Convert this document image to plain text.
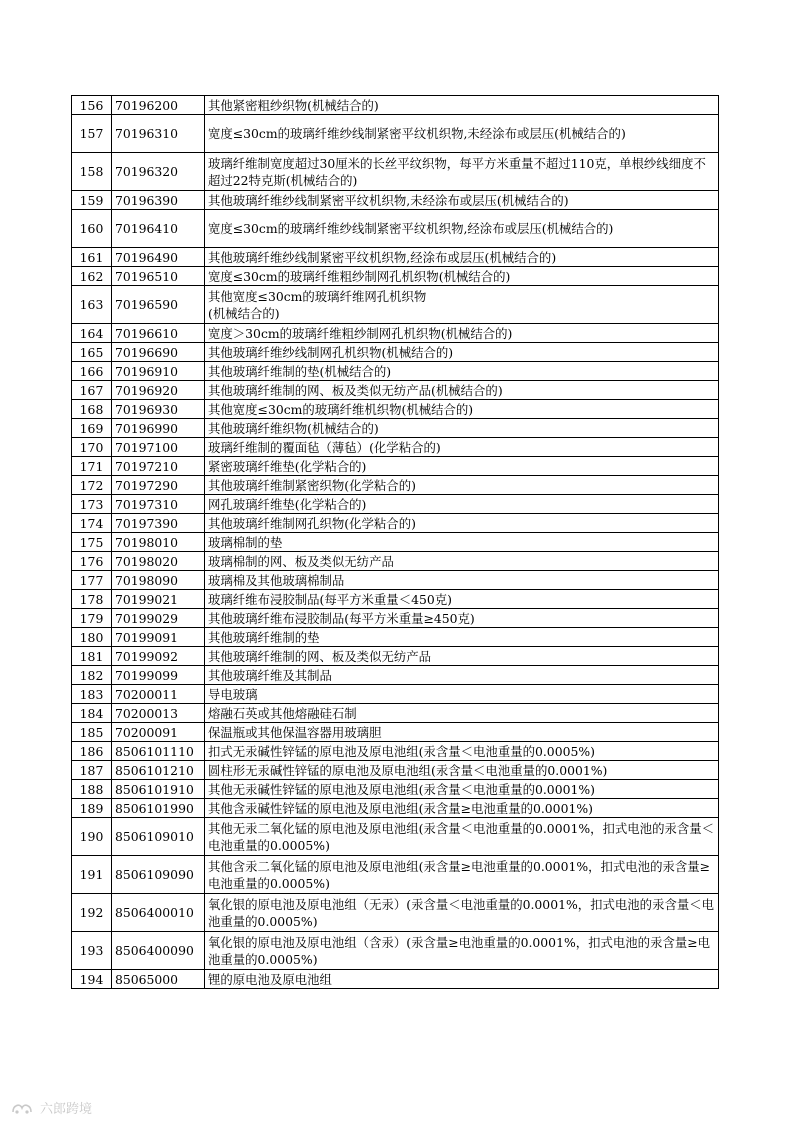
156	70196200	其他紧密粗纱织物(机械结合的)
157	70196310	宽度≤30cm的玻璃纤维纱线制紧密平纹机织物,未经涂布或层压(机械结合的)
158	70196320	玻璃纤维制宽度超过30厘米的长丝平纹织物，每平方米重量不超过110克，单根纱线细度不超过22特克斯(机械结合的)
159	70196390	其他玻璃纤维纱线制紧密平纹机织物,未经涂布或层压(机械结合的)
160	70196410	宽度≤30cm的玻璃纤维纱线制紧密平纹机织物,经涂布或层压(机械结合的)
161	70196490	其他玻璃纤维纱线制紧密平纹机织物,经涂布或层压(机械结合的)
162	70196510	宽度≤30cm的玻璃纤维粗纱制网孔机织物(机械结合的)
163	70196590	其他宽度≤30cm的玻璃纤维网孔机织物
(机械结合的)
164	70196610	宽度＞30cm的玻璃纤维粗纱制网孔机织物(机械结合的)
165	70196690	其他玻璃纤维纱线制网孔机织物(机械结合的)
166	70196910	其他玻璃纤维制的垫(机械结合的)
167	70196920	其他玻璃纤维制的网、板及类似无纺产品(机械结合的)
168	70196930	其他宽度≤30cm的玻璃纤维机织物(机械结合的)
169	70196990	其他玻璃纤维织物(机械结合的)
170	70197100	玻璃纤维制的覆面毡（薄毡）(化学粘合的)
171	70197210	紧密玻璃纤维垫(化学粘合的)
172	70197290	其他玻璃纤维制紧密织物(化学粘合的)
173	70197310	网孔玻璃纤维垫(化学粘合的)
174	70197390	其他玻璃纤维制网孔织物(化学粘合的)
175	70198010	玻璃棉制的垫
176	70198020	玻璃棉制的网、板及类似无纺产品
177	70198090	玻璃棉及其他玻璃棉制品
178	70199021	玻璃纤维布浸胶制品(每平方米重量＜450克)
179	70199029	其他玻璃纤维布浸胶制品(每平方米重量≥450克)
180	70199091	其他玻璃纤维制的垫
181	70199092	其他玻璃纤维制的网、板及类似无纺产品
182	70199099	其他玻璃纤维及其制品
183	70200011	导电玻璃
184	70200013	熔融石英或其他熔融硅石制
185	70200091	保温瓶或其他保温容器用玻璃胆
186	8506101110	扣式无汞碱性锌锰的原电池及原电池组(汞含量＜电池重量的0.0005%)
187	8506101210	圆柱形无汞碱性锌锰的原电池及原电池组(汞含量＜电池重量的0.0001%)
188	8506101910	其他无汞碱性锌锰的原电池及原电池组(汞含量＜电池重量的0.0001%)
189	8506101990	其他含汞碱性锌锰的原电池及原电池组(汞含量≥电池重量的0.0001%)
190	8506109010	其他无汞二氧化锰的原电池及原电池组(汞含量＜电池重量的0.0001%，扣式电池的汞含量＜电池重量的0.0005%)
191	8506109090	其他含汞二氧化锰的原电池及原电池组(汞含量≥电池重量的0.0001%，扣式电池的汞含量≥电池重量的0.0005%)
192	8506400010	氧化银的原电池及原电池组（无汞）(汞含量＜电池重量的0.0001%，扣式电池的汞含量＜电池重量的0.0005%)
193	8506400090	氧化银的原电池及原电池组（含汞）(汞含量≥电池重量的0.0001%，扣式电池的汞含量≥电池重量的0.0005%)
194	85065000	锂的原电池及原电池组
六郎跨境
